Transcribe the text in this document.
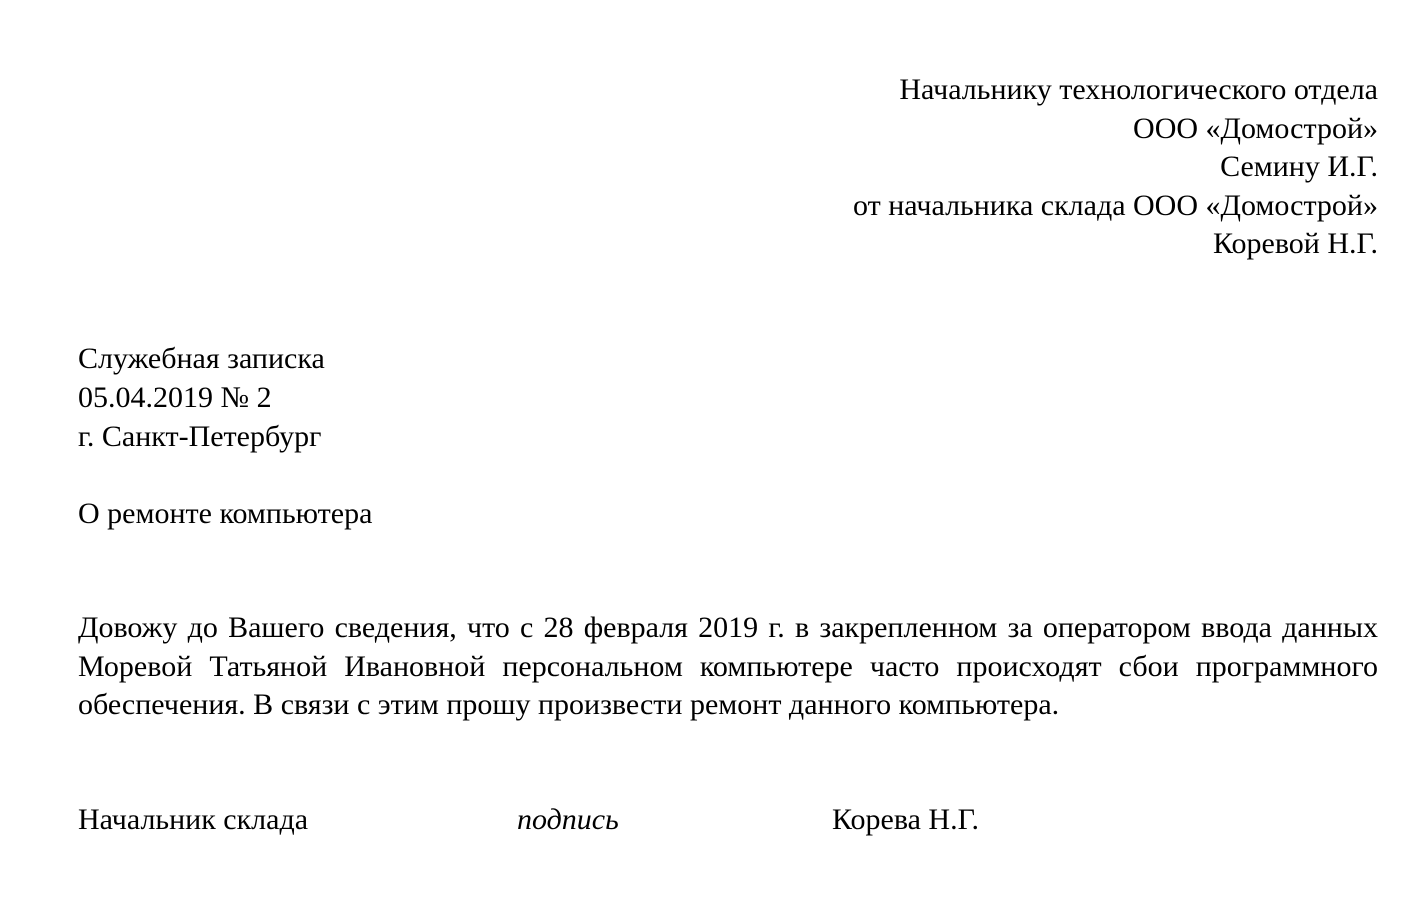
Начальнику технологического отдела
ООО «Домострой»
Семину И.Г.
от начальника склада ООО «Домострой»
Коревой Н.Г.
Служебная записка
05.04.2019 № 2
г. Санкт-Петербург
О ремонте компьютера

Довожу до Вашего сведения, что с 28 февраля 2019 г. в закрепленном за оператором ввода данных Моревой Татьяной Ивановной персональном компьютере часто происходят сбои программного обеспечения. В связи с этим прошу произвести ремонт данного компьютера.

Начальник склада	подпись	Корева Н.Г.
